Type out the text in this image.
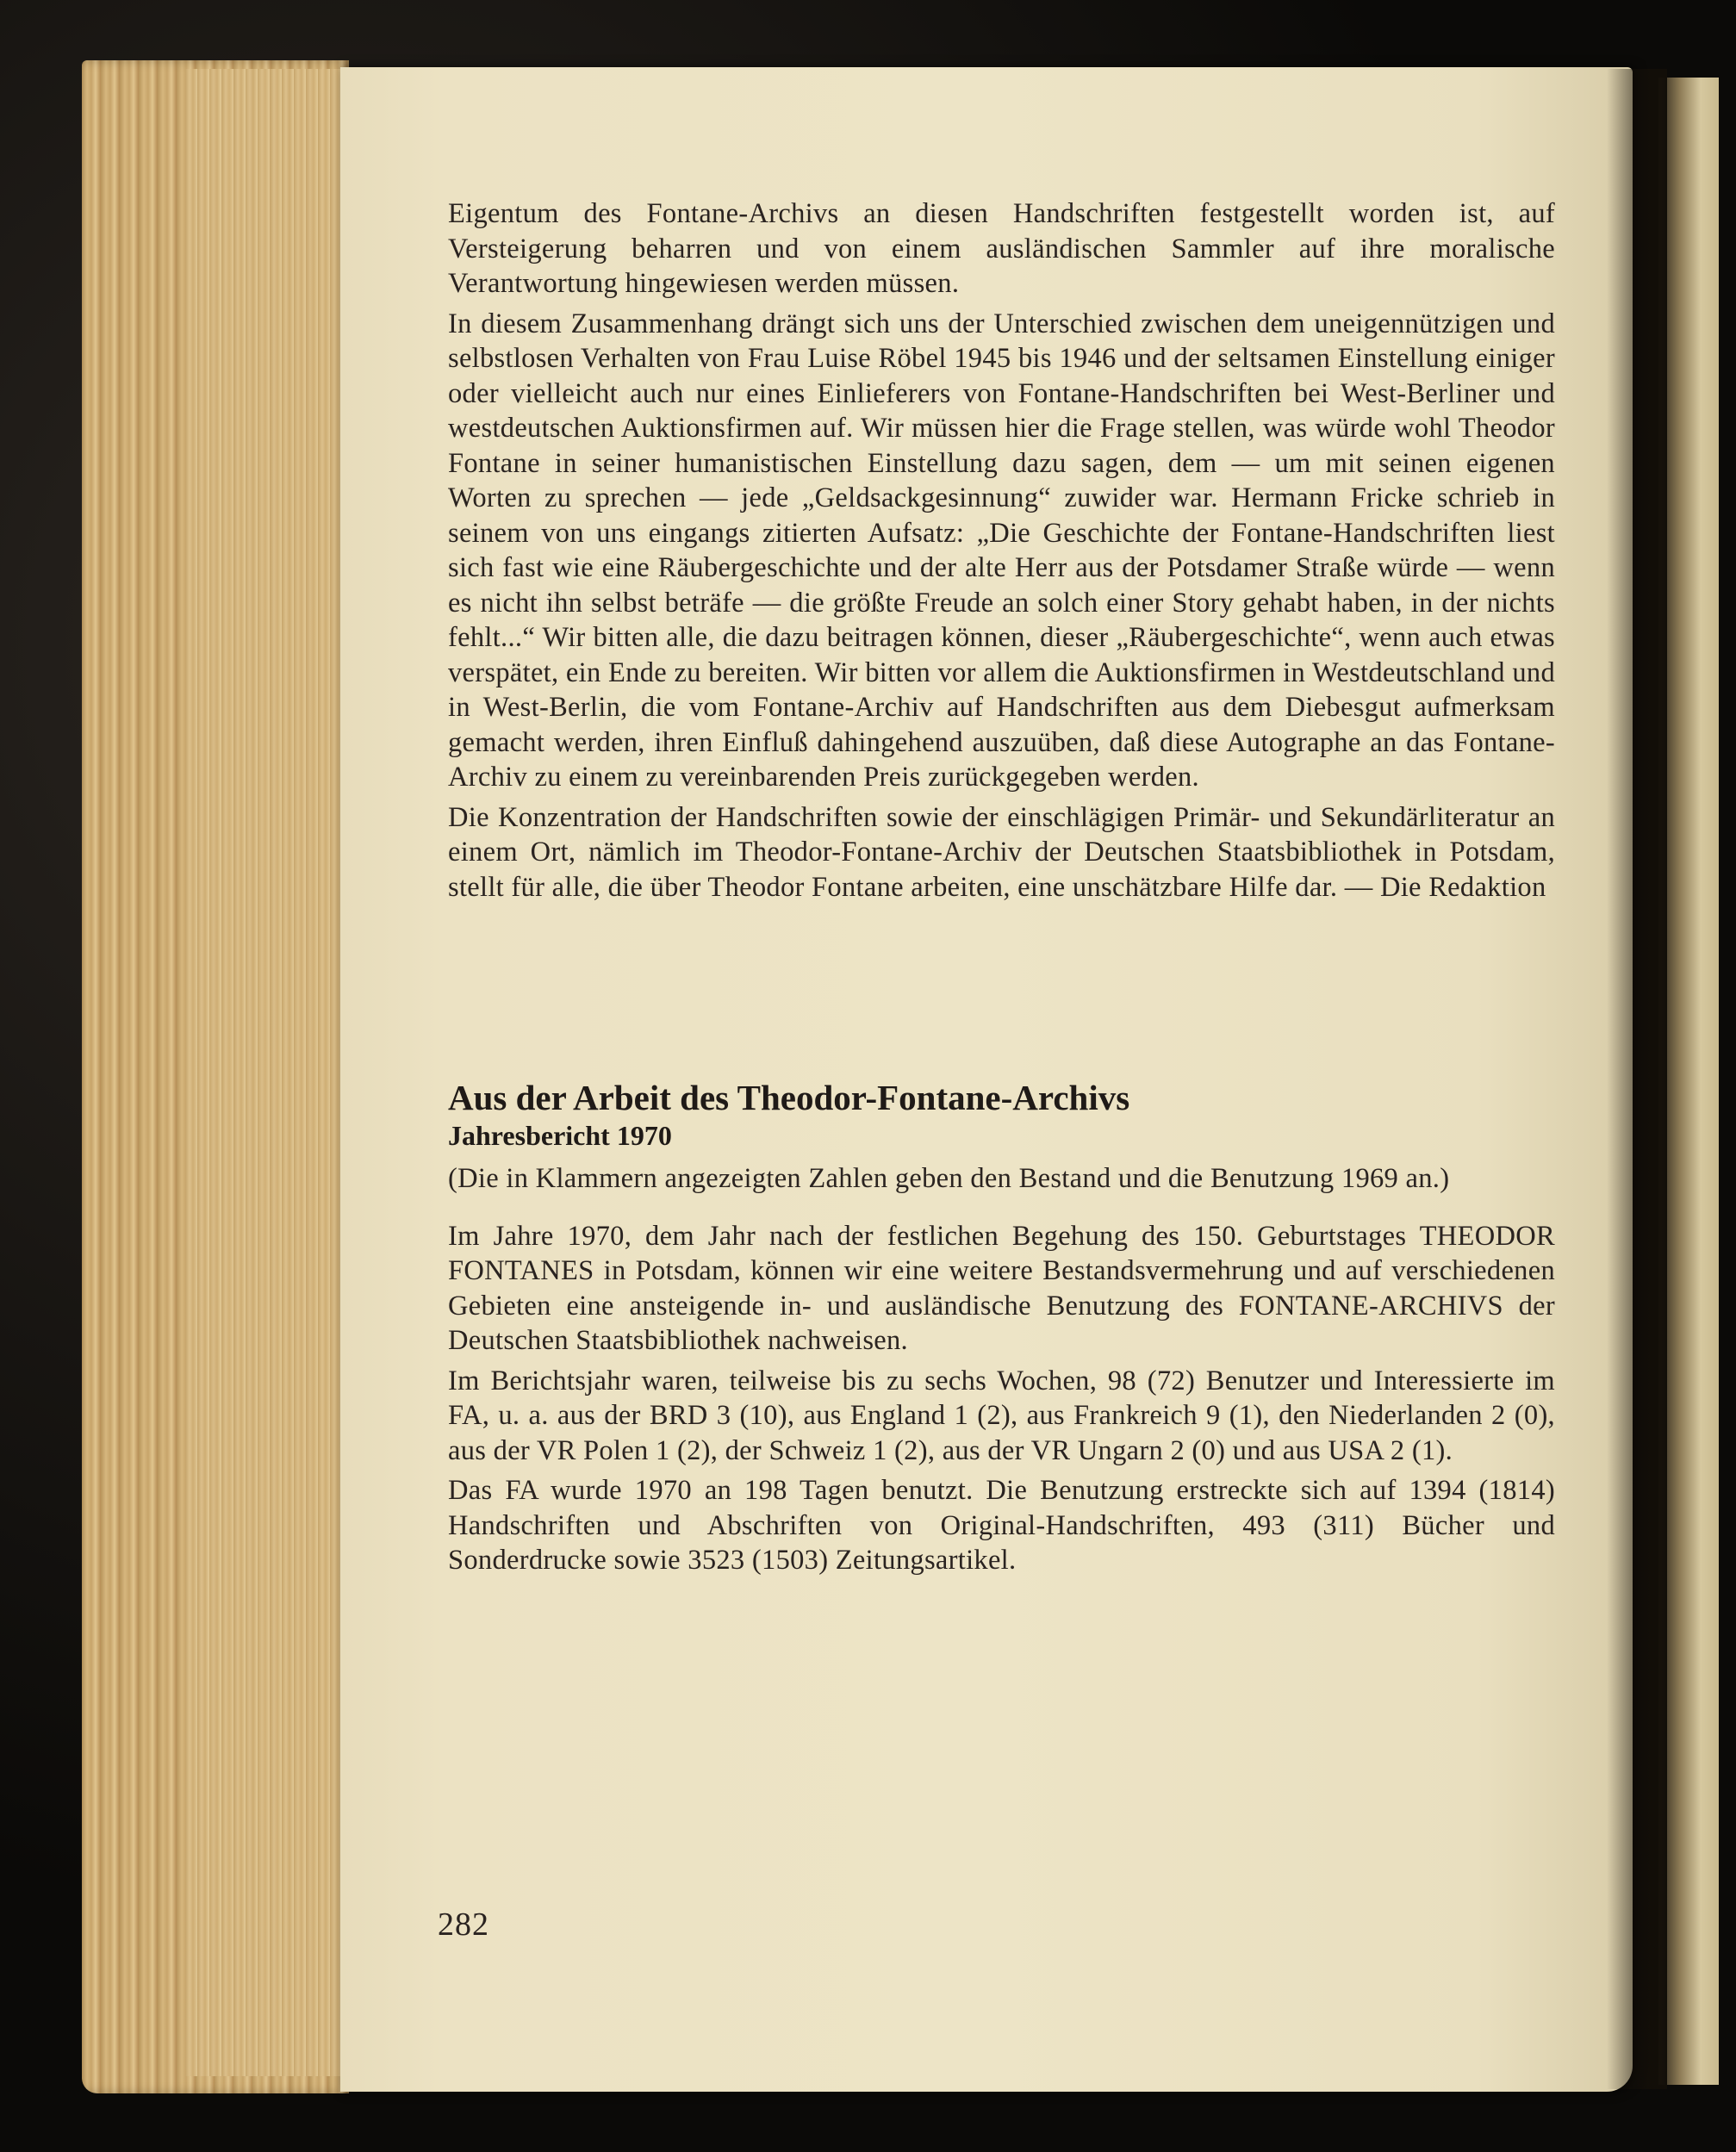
Eigentum des Fontane-Archivs an diesen Handschriften festgestellt worden ist, auf Versteigerung beharren und von einem ausländischen Sammler auf ihre moralische Verantwortung hingewiesen werden müssen.

In diesem Zusammenhang drängt sich uns der Unterschied zwischen dem uneigennützigen und selbstlosen Verhalten von Frau Luise Röbel 1945 bis 1946 und der seltsamen Einstellung einiger oder vielleicht auch nur eines Einlieferers von Fontane-Handschriften bei West-Berliner und westdeutschen Auktionsfirmen auf. Wir müssen hier die Frage stellen, was würde wohl Theodor Fontane in seiner humanistischen Einstellung dazu sagen, dem — um mit seinen eigenen Worten zu sprechen — jede „Geldsackgesinnung“ zuwider war. Hermann Fricke schrieb in seinem von uns eingangs zitierten Aufsatz: „Die Geschichte der Fontane-Handschriften liest sich fast wie eine Räubergeschichte und der alte Herr aus der Potsdamer Straße würde — wenn es nicht ihn selbst beträfe — die größte Freude an solch einer Story gehabt haben, in der nichts fehlt...“ Wir bitten alle, die dazu beitragen können, dieser „Räubergeschichte“, wenn auch etwas verspätet, ein Ende zu bereiten. Wir bitten vor allem die Auktionsfirmen in Westdeutschland und in West-Berlin, die vom Fontane-Archiv auf Handschriften aus dem Diebesgut aufmerksam gemacht werden, ihren Einfluß dahingehend auszuüben, daß diese Autographe an das Fontane-Archiv zu einem zu vereinbarenden Preis zurückgegeben werden.

Die Konzentration der Handschriften sowie der einschlägigen Primär- und Sekundärliteratur an einem Ort, nämlich im Theodor-Fontane-Archiv der Deutschen Staatsbibliothek in Potsdam, stellt für alle, die über Theodor Fontane arbeiten, eine unschätzbare Hilfe dar. — Die Redaktion

Aus der Arbeit des Theodor-Fontane-Archivs
Jahresbericht 1970

(Die in Klammern angezeigten Zahlen geben den Bestand und die Benutzung 1969 an.)

Im Jahre 1970, dem Jahr nach der festlichen Begehung des 150. Geburtstages THEODOR FONTANES in Potsdam, können wir eine weitere Bestandsvermehrung und auf verschiedenen Gebieten eine ansteigende in- und ausländische Benutzung des FONTANE-ARCHIVS der Deutschen Staatsbibliothek nachweisen.

Im Berichtsjahr waren, teilweise bis zu sechs Wochen, 98 (72) Benutzer und Interessierte im FA, u. a. aus der BRD 3 (10), aus England 1 (2), aus Frankreich 9 (1), den Niederlanden 2 (0), aus der VR Polen 1 (2), der Schweiz 1 (2), aus der VR Ungarn 2 (0) und aus USA 2 (1).

Das FA wurde 1970 an 198 Tagen benutzt. Die Benutzung erstreckte sich auf 1394 (1814) Handschriften und Abschriften von Original-Handschriften, 493 (311) Bücher und Sonderdrucke sowie 3523 (1503) Zeitungsartikel.

282
